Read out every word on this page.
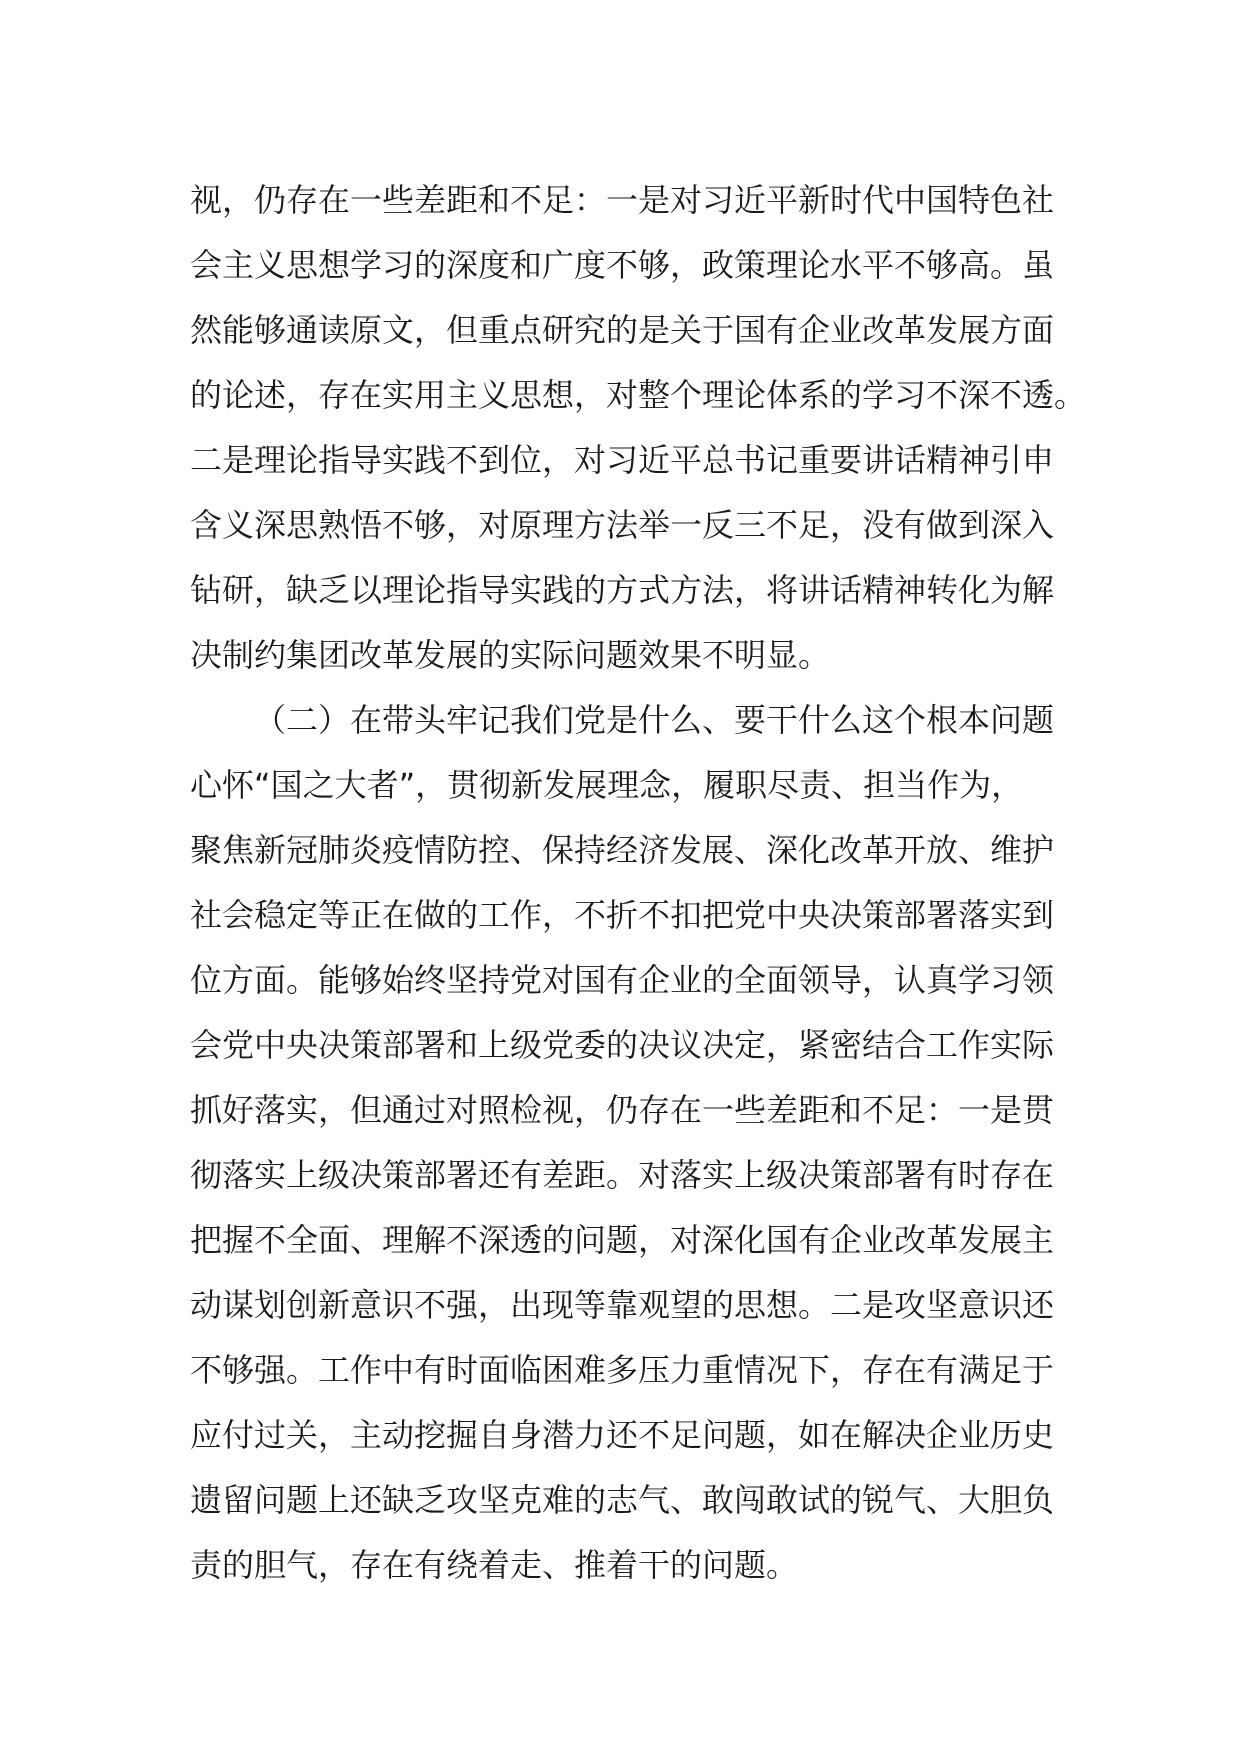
视，仍存在一些差距和不足：一是对习近平新时代中国特色社
会主义思想学习的深度和广度不够，政策理论水平不够高。虽
然能够通读原文，但重点研究的是关于国有企业改革发展方面
的论述，存在实用主义思想，对整个理论体系的学习不深不透。
二是理论指导实践不到位，对习近平总书记重要讲话精神引申
含义深思熟悟不够，对原理方法举一反三不足，没有做到深入
钻研，缺乏以理论指导实践的方式方法，将讲话精神转化为解
决制约集团改革发展的实际问题效果不明显。
（二）在带头牢记我们党是什么、要干什么这个根本问题
心怀“国之大者”，贯彻新发展理念，履职尽责、担当作为，
聚焦新冠肺炎疫情防控、保持经济发展、深化改革开放、维护
社会稳定等正在做的工作，不折不扣把党中央决策部署落实到
位方面。能够始终坚持党对国有企业的全面领导，认真学习领
会党中央决策部署和上级党委的决议决定，紧密结合工作实际
抓好落实，但通过对照检视，仍存在一些差距和不足：一是贯
彻落实上级决策部署还有差距。对落实上级决策部署有时存在
把握不全面、理解不深透的问题，对深化国有企业改革发展主
动谋划创新意识不强，出现等靠观望的思想。二是攻坚意识还
不够强。工作中有时面临困难多压力重情况下，存在有满足于
应付过关，主动挖掘自身潜力还不足问题，如在解决企业历史
遗留问题上还缺乏攻坚克难的志气、敢闯敢试的锐气、大胆负
责的胆气，存在有绕着走、推着干的问题。
